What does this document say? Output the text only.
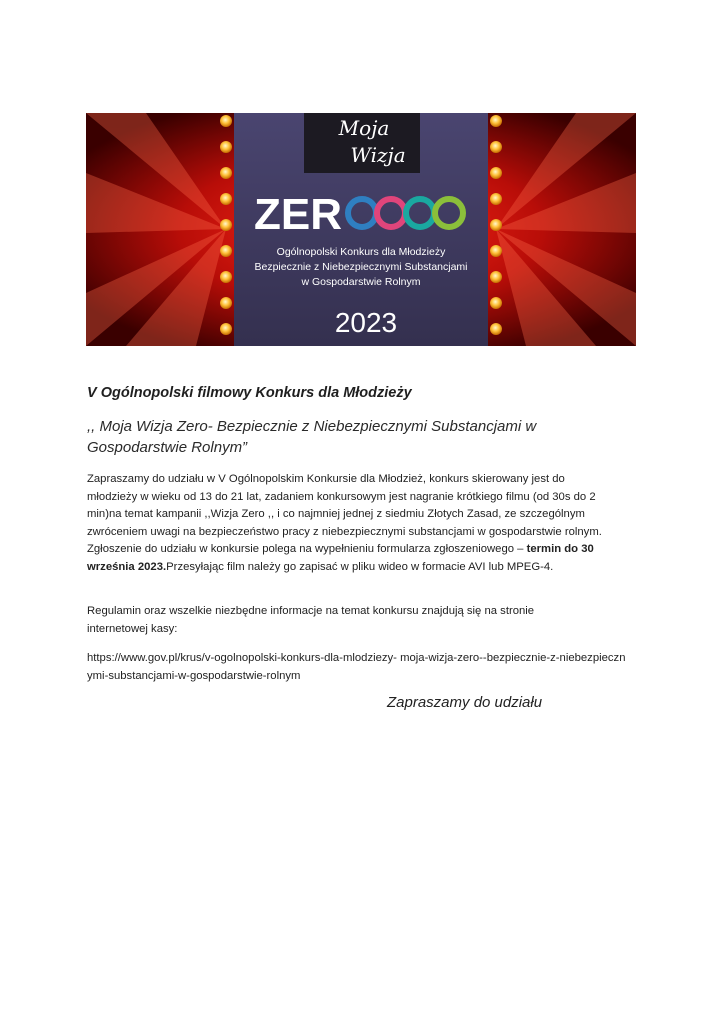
Moja
Wizja
ZER
Ogólnopolski Konkurs dla Młodzieży
Bezpiecznie z Niebezpiecznymi Substancjami
w Gospodarstwie Rolnym
2023
V Ogólnopolski filmowy Konkurs dla Młodzieży
,, Moja Wizja Zero- Bezpiecznie z Niebezpiecznymi Substancjami w Gospodarstwie Rolnym”
Zapraszamy do udziału w V Ogólnopolskim Konkursie dla Młodzież, konkurs skierowany jest do młodzieży w wieku od 13 do 21 lat, zadaniem konkursowym jest nagranie krótkiego filmu (od 30s do 2 min)na temat kampanii ,,Wizja Zero ,, i co najmniej jednej z siedmiu Złotych Zasad, ze szczególnym zwróceniem uwagi na bezpieczeństwo pracy z niebezpiecznymi substancjami w gospodarstwie rolnym. Zgłoszenie do udziału w konkursie polega na wypełnieniu formularza zgłoszeniowego – termin do 30 września 2023.Przesyłając film należy go zapisać w pliku wideo w formacie AVI lub MPEG-4.
Regulamin oraz wszelkie niezbędne informacje na temat konkursu znajdują się na stronie internetowej kasy:
https://www.gov.pl/krus/v-ogolnopolski-konkurs-dla-mlodziezy- moja-wizja-zero--bezpiecznie-z-niebezpiecznymi-substancjami-w-gospodarstwie-rolnym
Zapraszamy do udziału
